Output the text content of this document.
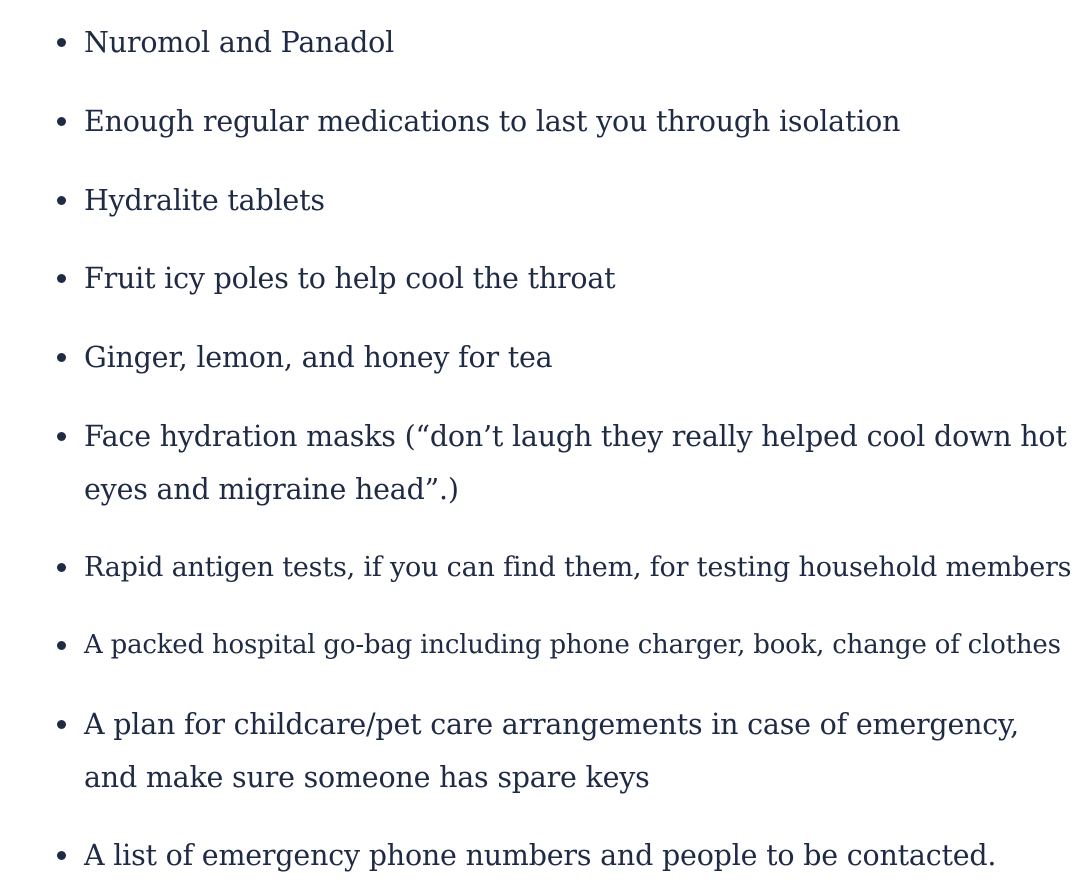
Nuromol and Panadol
Enough regular medications to last you through isolation
Hydralite tablets
Fruit icy poles to help cool the throat
Ginger, lemon, and honey for tea
Face hydration masks (“don’t laugh they really helped cool down hot eyes and migraine head”.)
Rapid antigen tests, if you can find them, for testing household members
A packed hospital go-bag including phone charger, book, change of clothes
A plan for childcare/pet care arrangements in case of emergency, and make sure someone has spare keys
A list of emergency phone numbers and people to be contacted.
